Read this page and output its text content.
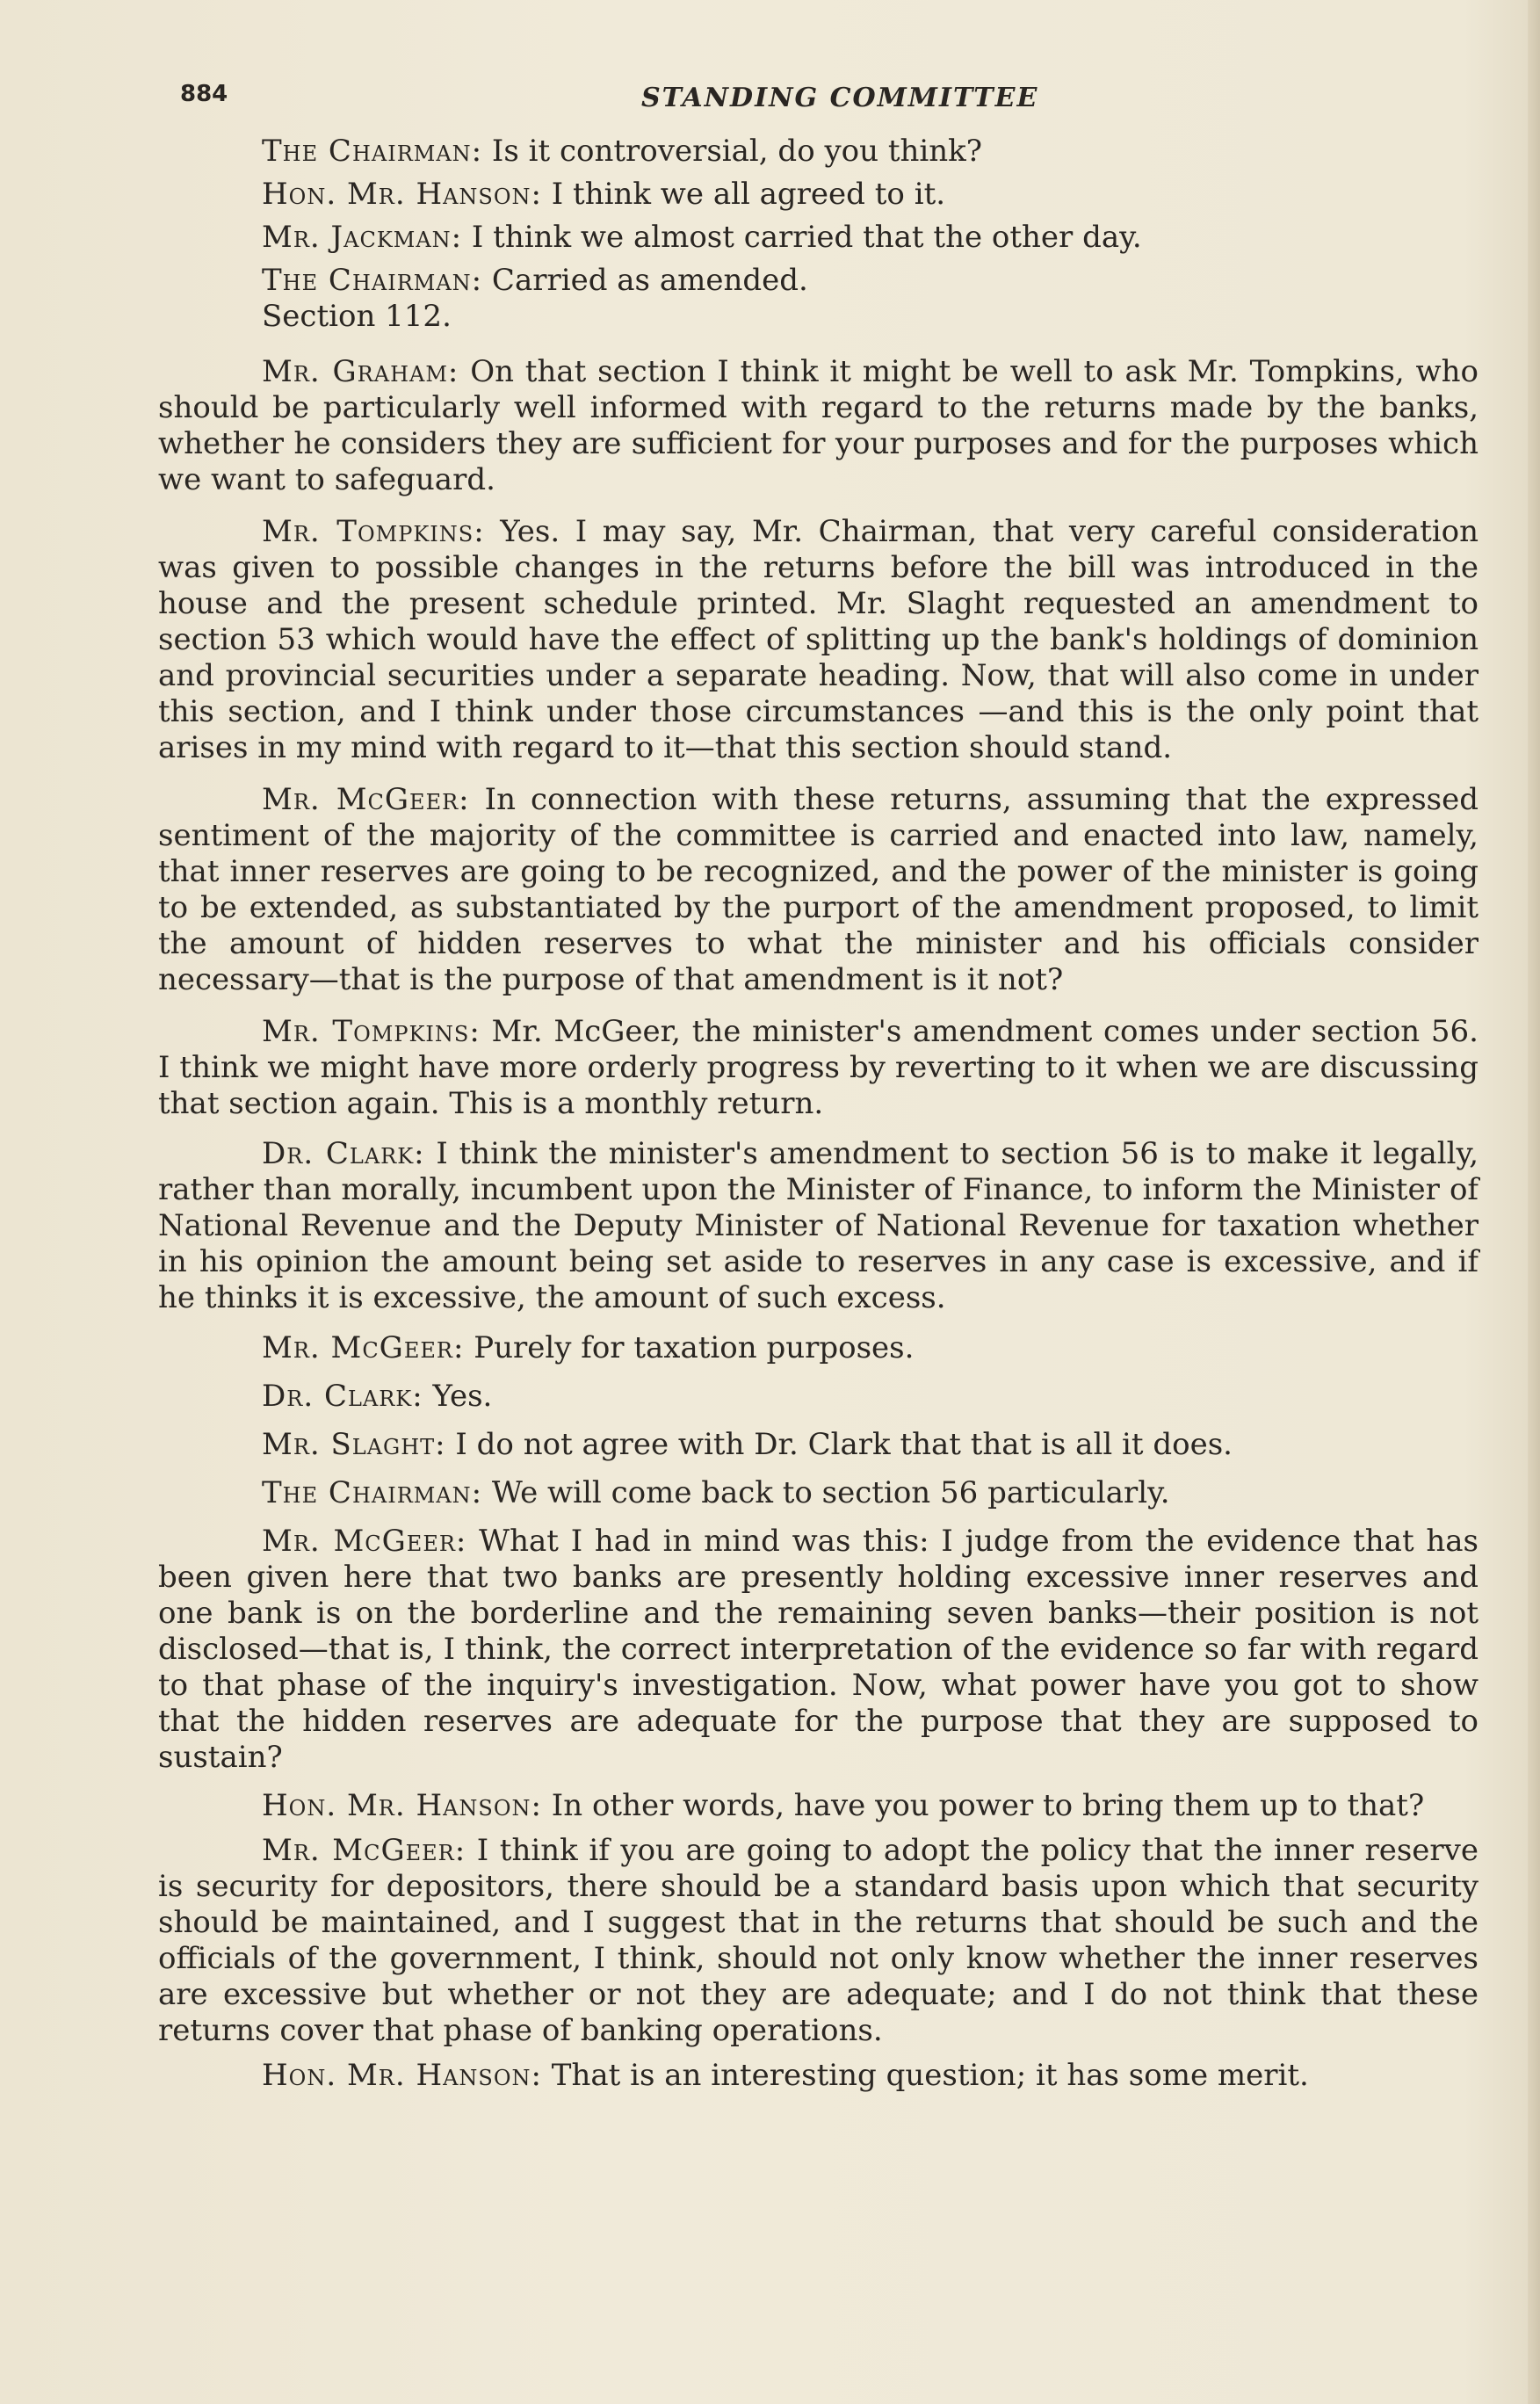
884	STANDING COMMITTEE

The Chairman: Is it controversial, do you think?

Hon. Mr. Hanson: I think we all agreed to it.

Mr. Jackman: I think we almost carried that the other day.

The Chairman: Carried as amended.

Section 112.

Mr. Graham: On that section I think it might be well to ask Mr. Tompkins, who should be particularly well informed with regard to the returns made by the banks, whether he considers they are sufficient for your purposes and for the purposes which we want to safeguard.

Mr. Tompkins: Yes. I may say, Mr. Chairman, that very careful consideration was given to possible changes in the returns before the bill was introduced in the house and the present schedule printed. Mr. Slaght requested an amendment to section 53 which would have the effect of splitting up the bank's holdings of dominion and provincial securities under a separate heading. Now, that will also come in under this section, and I think under those circumstances —and this is the only point that arises in my mind with regard to it—that this section should stand.

Mr. McGeer: In connection with these returns, assuming that the expressed sentiment of the majority of the committee is carried and enacted into law, namely, that inner reserves are going to be recognized, and the power of the minister is going to be extended, as substantiated by the purport of the amendment proposed, to limit the amount of hidden reserves to what the minister and his officials consider necessary—that is the purpose of that amendment is it not?

Mr. Tompkins: Mr. McGeer, the minister's amendment comes under section 56. I think we might have more orderly progress by reverting to it when we are discussing that section again. This is a monthly return.

Dr. Clark: I think the minister's amendment to section 56 is to make it legally, rather than morally, incumbent upon the Minister of Finance, to inform the Minister of National Revenue and the Deputy Minister of National Revenue for taxation whether in his opinion the amount being set aside to reserves in any case is excessive, and if he thinks it is excessive, the amount of such excess.

Mr. McGeer: Purely for taxation purposes.

Dr. Clark: Yes.

Mr. Slaght: I do not agree with Dr. Clark that that is all it does.

The Chairman: We will come back to section 56 particularly.

Mr. McGeer: What I had in mind was this: I judge from the evidence that has been given here that two banks are presently holding excessive inner reserves and one bank is on the borderline and the remaining seven banks—their position is not disclosed—that is, I think, the correct interpretation of the evidence so far with regard to that phase of the inquiry's investigation. Now, what power have you got to show that the hidden reserves are adequate for the purpose that they are supposed to sustain?

Hon. Mr. Hanson: In other words, have you power to bring them up to that?

Mr. McGeer: I think if you are going to adopt the policy that the inner reserve is security for depositors, there should be a standard basis upon which that security should be maintained, and I suggest that in the returns that should be such and the officials of the government, I think, should not only know whether the inner reserves are excessive but whether or not they are adequate; and I do not think that these returns cover that phase of banking operations.

Hon. Mr. Hanson: That is an interesting question; it has some merit.
